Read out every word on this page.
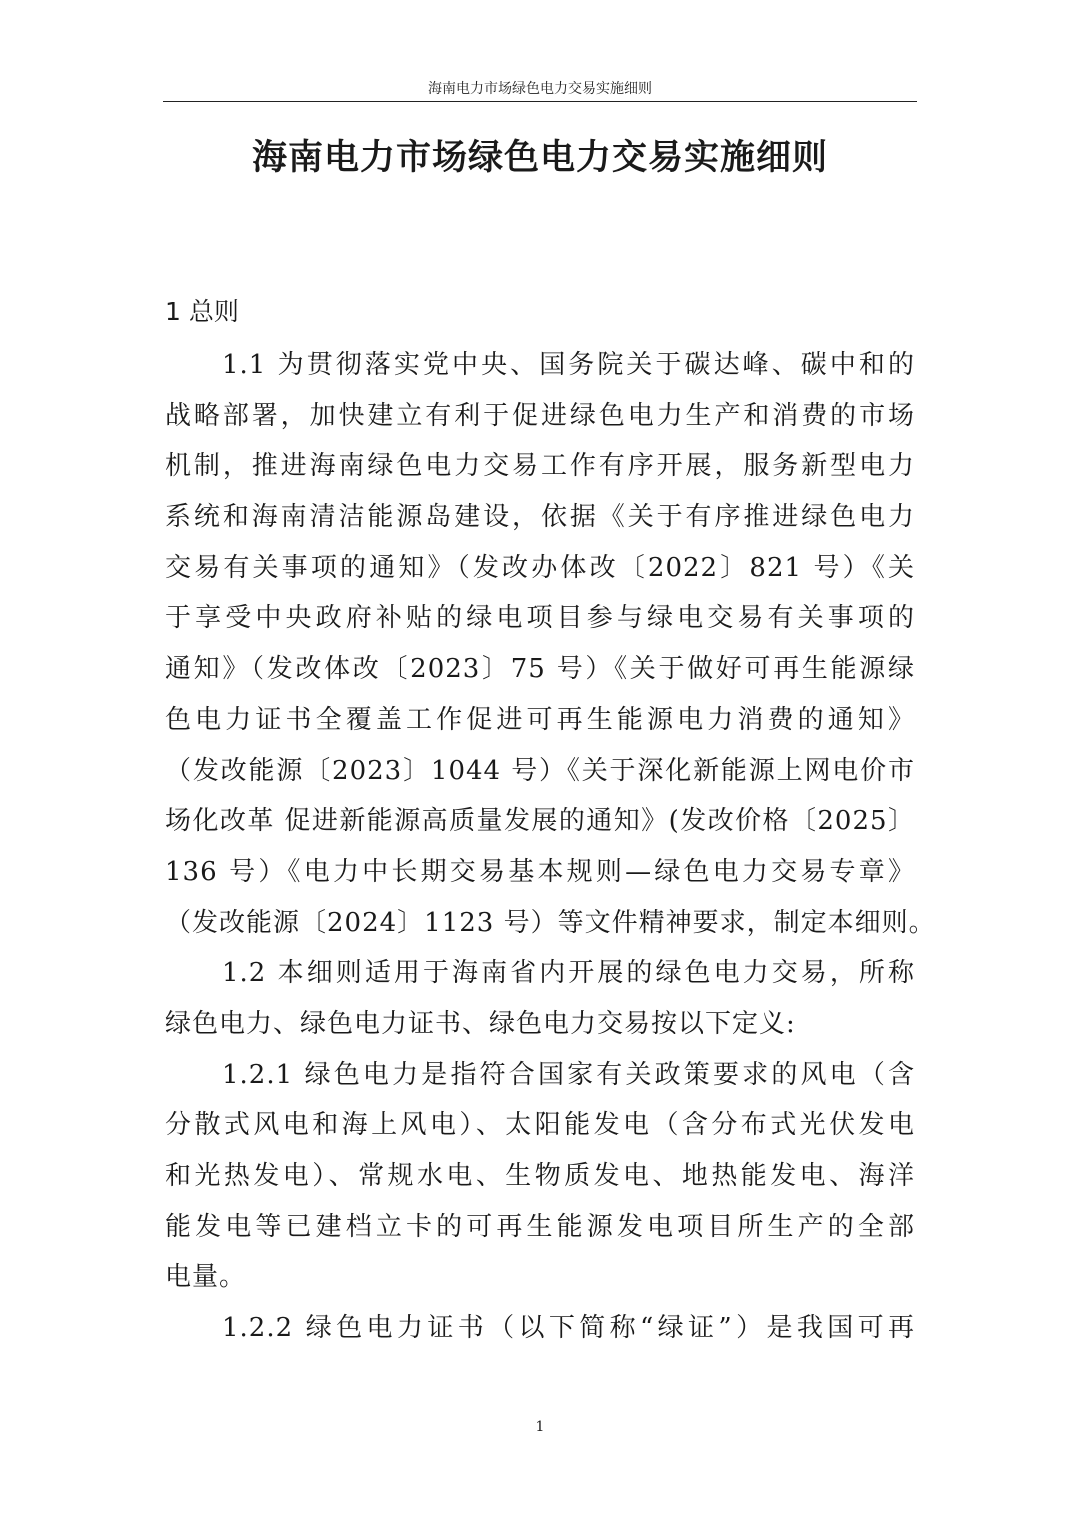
海南电力市场绿色电力交易实施细则
海南电力市场绿色电力交易实施细则
1 总则
1.1 为贯彻落实党中央、国务院关于碳达峰、碳中和的
战略部署，加快建立有利于促进绿色电力生产和消费的市场
机制，推进海南绿色电力交易工作有序开展，服务新型电力
系统和海南清洁能源岛建设，依据《关于有序推进绿色电力
交易有关事项的通知》（发改办体改〔2022〕821 号）《关
于享受中央政府补贴的绿电项目参与绿电交易有关事项的
通知》（发改体改〔2023〕75 号）《关于做好可再生能源绿
色电力证书全覆盖工作促进可再生能源电力消费的通知》
（发改能源〔2023〕1044 号）《关于深化新能源上网电价市
场化改革 促进新能源高质量发展的通知》(发改价格〔2025〕
136 号）《电力中长期交易基本规则—绿色电力交易专章》
（发改能源〔2024〕1123 号）等文件精神要求，制定本细则。
1.2 本细则适用于海南省内开展的绿色电力交易，所称
绿色电力、绿色电力证书、绿色电力交易按以下定义:
1.2.1 绿色电力是指符合国家有关政策要求的风电（含
分散式风电和海上风电）、太阳能发电（含分布式光伏发电
和光热发电）、常规水电、生物质发电、地热能发电、海洋
能发电等已建档立卡的可再生能源发电项目所生产的全部
电量。
1.2.2 绿色电力证书（以下简称“绿证”）是我国可再
1
